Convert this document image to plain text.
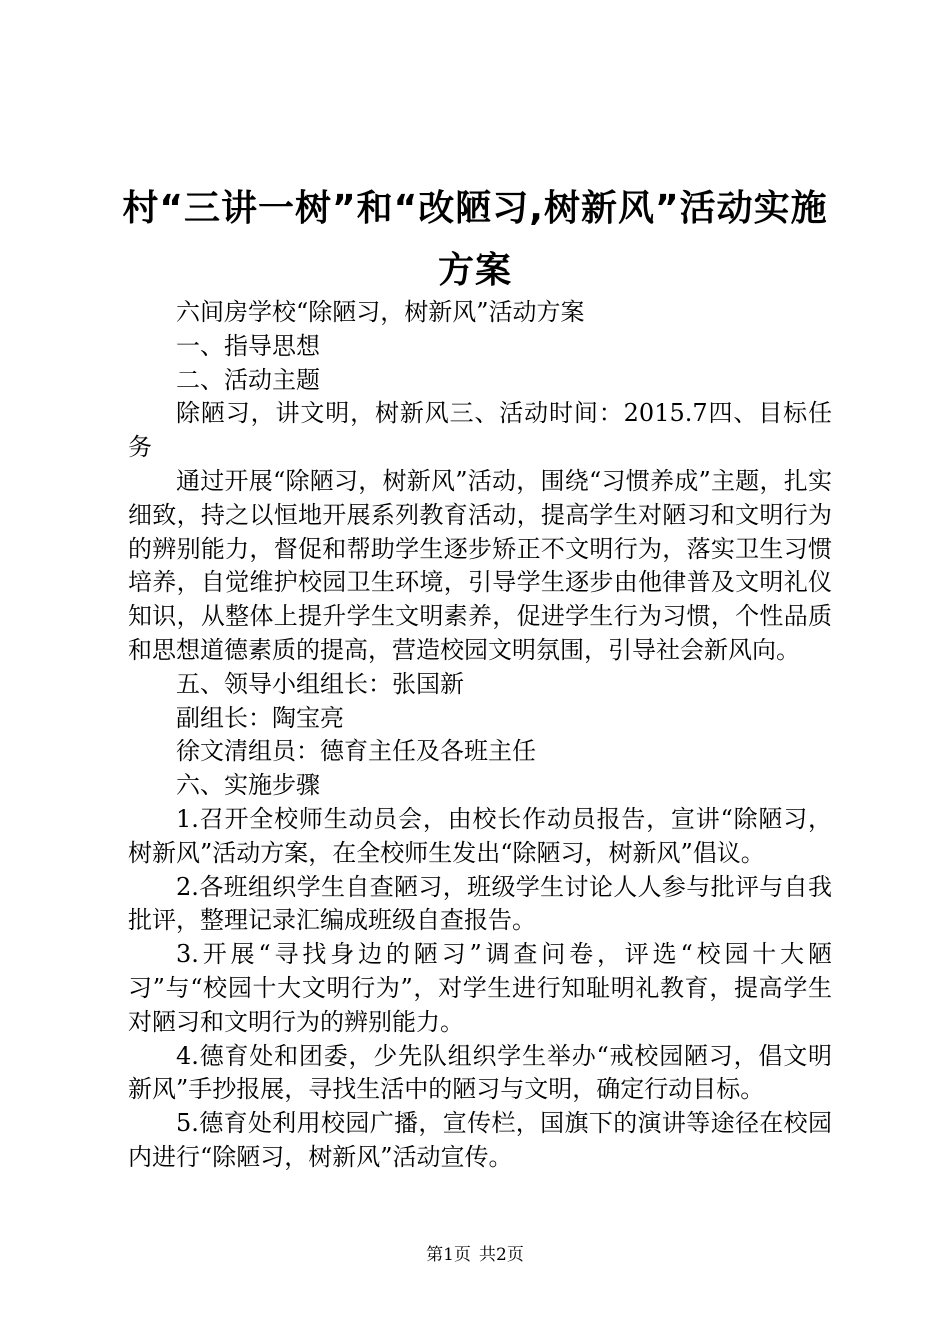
村“三讲一树”和“改陋习,树新风”活动实施方案

六间房学校“除陋习，树新风”活动方案

一、指导思想

二、活动主题

除陋习，讲文明，树新风三、活动时间：2015.7四、目标任务

通过开展“除陋习，树新风”活动，围绕“习惯养成”主题，扎实细致，持之以恒地开展系列教育活动，提高学生对陋习和文明行为的辨别能力，督促和帮助学生逐步矫正不文明行为，落实卫生习惯培养，自觉维护校园卫生环境，引导学生逐步由他律普及文明礼仪知识，从整体上提升学生文明素养，促进学生行为习惯，个性品质和思想道德素质的提高，营造校园文明氛围，引导社会新风向。

五、领导小组组长：张国新

副组长：陶宝亮

徐文清组员：德育主任及各班主任

六、实施步骤

1.召开全校师生动员会，由校长作动员报告，宣讲“除陋习，树新风”活动方案，在全校师生发出“除陋习，树新风”倡议。

2.各班组织学生自查陋习，班级学生讨论人人参与批评与自我批评，整理记录汇编成班级自查报告。

3.开展“寻找身边的陋习”调查问卷，评选“校园十大陋习”与“校园十大文明行为”，对学生进行知耻明礼教育，提高学生对陋习和文明行为的辨别能力。

4.德育处和团委，少先队组织学生举办“戒校园陋习，倡文明新风”手抄报展，寻找生活中的陋习与文明，确定行动目标。

5.德育处利用校园广播，宣传栏，国旗下的演讲等途径在校园内进行“除陋习，树新风”活动宣传。

第1页 共2页
